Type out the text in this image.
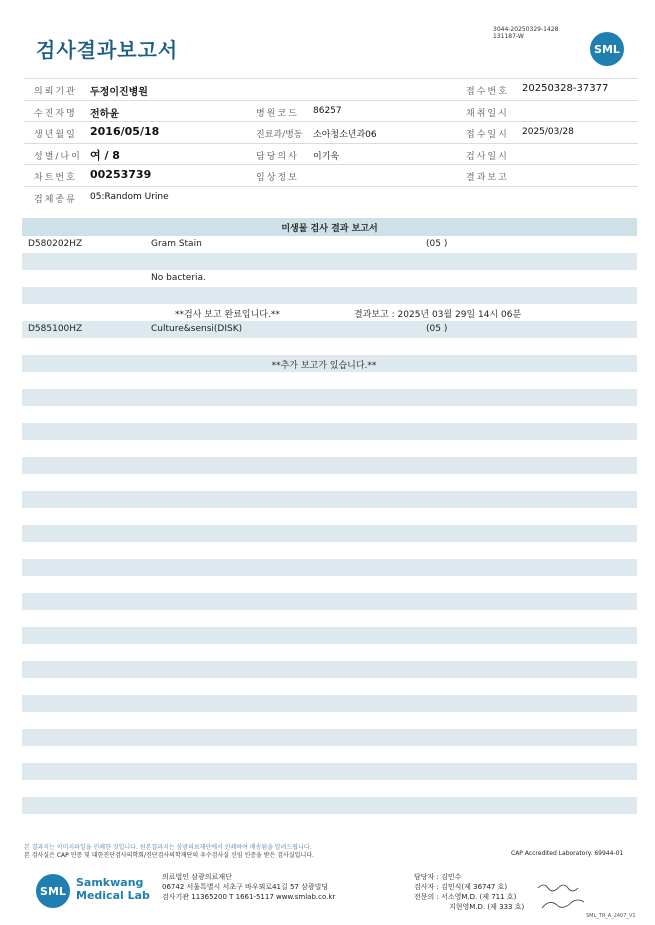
검사결과보고서
3044-20250329-1428
131187-W
SML
의뢰기관 두정이진병원	접수번호 20250328-37377
수진자명 전하윤	병원코드 86257	채취일시
생년월일 2016/05/18	진료과/병동 소아청소년과06	접수일시 2025/03/28
성별/나이 여 / 8	담당의사 이기욱	검사일시
차트번호 00253739	임상정보	결과보고
검체종류 05:Random Urine
미생물 검사 결과 보고서
D580202HZ	Gram Stain	(05 )
No bacteria.
**검사 보고 완료입니다.**	결과보고 : 2025년 03월 29일 14시 06분
D585100HZ	Culture&sensi(DISK)	(05 )
**추가 보고가 있습니다.**
본 결과지는 이미지파일을 인쇄한 것입니다. 원본결과지는 삼광의료재단에서 인쇄하여 배송됨을 알려드립니다.
본 검사실은 CAP 인증 및 대한진단검사의학회/진단검사의학재단의 우수검사실 신임 인증을 받은 검사실입니다.	CAP Accredited Laboratory. 69944-01
SML
Samkwang
Medical Lab
의료법인 삼광의료재단
06742 서울특별시 서초구 바우뫼로41길 57 삼광빌딩
검사기관 11365200 T 1661-5117 www.smlab.co.kr
담당자 : 김민수
검사자 : 김민식(제 36747 호)
전문의 : 서소영M.D. (제 711 호)
지현영M.D. (제 333 호)
SML_TR_A_2407_V1
